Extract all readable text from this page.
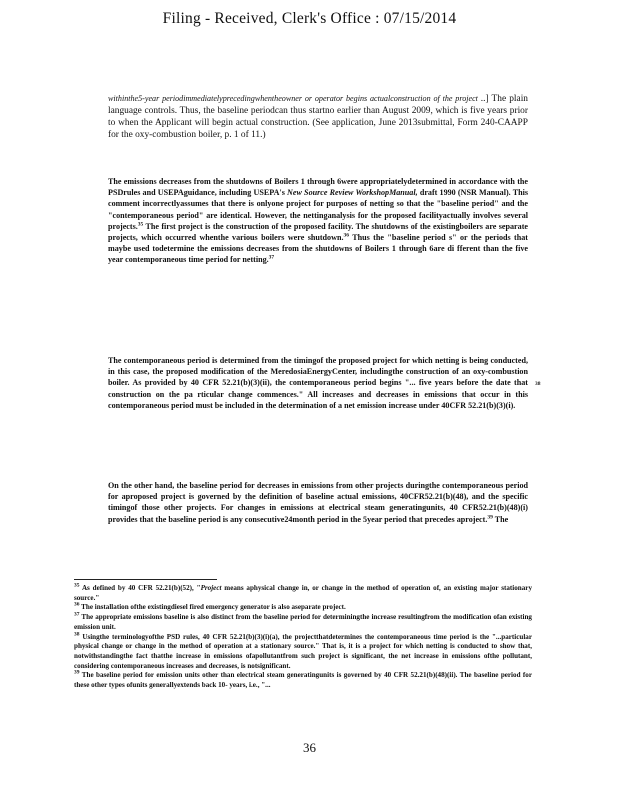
Filing - Received, Clerk's Office : 07/15/2014

withinthe5-year periodimmediatelyprecedingwhentheowner or operator begins actualconstruction of the project ..] The plain language controls. Thus, the baseline periodcan thus startno earlier than August 2009, which is five years prior to when the Applicant will begin actual construction. (See application, June 2013submittal, Form 240-CAAPP for the oxy-combustion boiler, p. 1 of 11.)

The emissions decreases from the shutdowns of Boilers 1 through 6were appropriatelydetermined in accordance with the PSDrules and USEPAguidance, including USEPA's New Source Review WorkshopManual, draft 1990 (NSR Manual). This comment incorrectlyassumes that there is onlyone project for purposes of netting so that the "baseline period" and the "contemporaneous period" are identical. However, the nettinganalysis for the proposed facilityactually involves several projects.$^{35}$ The first project is the construction of the proposed facility. The shutdowns of the existingboilers are separate projects, which occurred whenthe various boilers were shutdown.$^{36}$ Thus the "baseline period s" or the periods that maybe used todetermine the emissions decreases from the shutdowns of Boilers 1 through 6are di fferent than the five year contemporaneous time period for netting.$^{37}$

The contemporaneous period is determined from the timingof the proposed project for which netting is being conducted, in this case, the proposed modification of the MeredosiaEnergyCenter, includingthe construction of an oxy-combustion boiler. As provided by 40 CFR 52.21(b)(3)(ii), the contemporaneous period begins "... five years before the date that construction on the pa rticular change commences." All increases and decreases in emissions that occur in this contemporaneous period must be included in the determination of a net emission increase under 40CFR 52.21(b)(3)(i).

38

On the other hand, the baseline period for decreases in emissions from other projects duringthe contemporaneous period for aproposed project is governed by the definition of baseline actual emissions, 40CFR52.21(b)(48), and the specific timingof those other projects. For changes in emissions at electrical steam generatingunits, 40 CFR52.21(b)(48)(i) provides that the baseline period is any consecutive24month period in the 5year period that precedes aproject.$^{39}$ The

$^{35}$ As defined by 40 CFR 52.21(b)(52), "Project means aphysical change in, or change in the method of operation of, an existing major stationary source."

$^{36}$ The installation ofthe existingdiesel fired emergency generator is also aseparate project.

$^{37}$ The appropriate emissions baseline is also distinct from the baseline period for determiningthe increase resultingfrom the modification ofan existing emission unit.

$^{38}$ Usingthe terminologyofthe PSD rules, 40 CFR 52.21(b)(3)(i)(a), the projectthatdetermines the contemporaneous time period is the "...particular physical change or change in the method of operation at a stationary source." That is, it is a project for which netting is conducted to show that, notwithstandingthe fact thatthe increase in emissions ofapollutantfrom such project is significant, the net increase in emissions ofthe pollutant, considering contemporaneous increases and decreases, is notsignificant.

$^{39}$ The baseline period for emission units other than electrical steam generatingunits is governed by 40 CFR 52.21(b)(48)(ii). The baseline period for these other types ofunits generallyextends back 10- years, i.e., "...

36
